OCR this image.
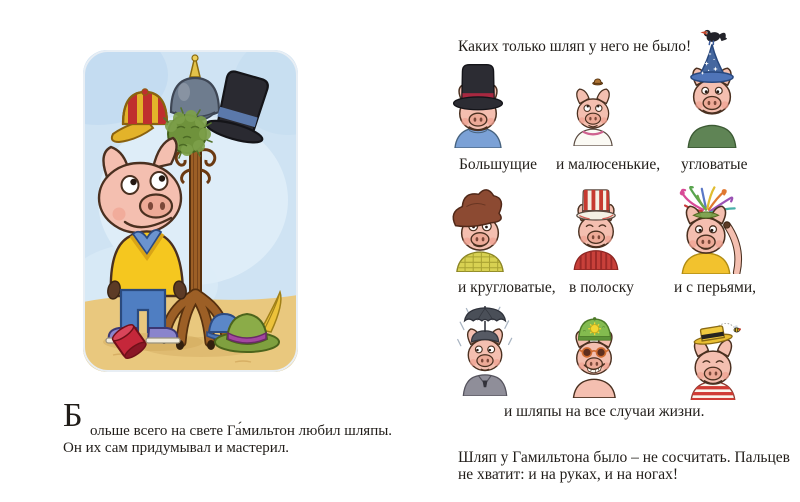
Б ольше всего на свете Га́мильтон любил шляпы.
Он их сам придумывал и мастерил.

Каких только шляп у него не было!

Большущие и малюсенькие, угловатые
и кругловатые, в полоску	и с перьями,
и шляпы на все случаи жизни.

Шляп у Гамильтона было – не сосчитать. Пальцев
не хватит: и на руках, и на ногах!
